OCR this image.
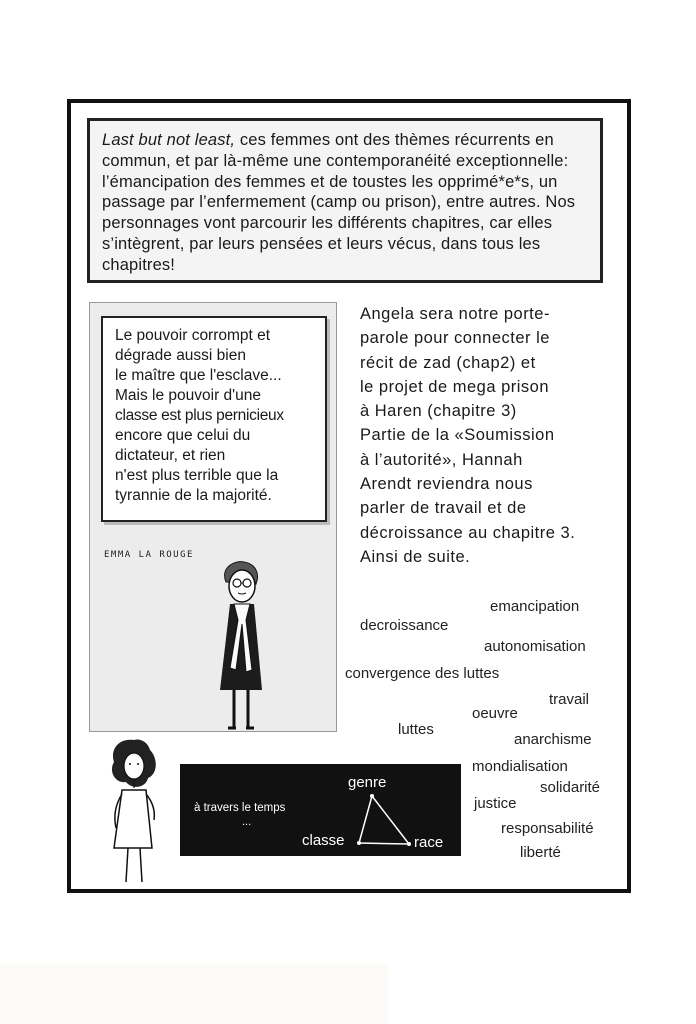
Last but not least, ces femmes ont des thèmes récurrents en commun, et par là-même une contemporanéité exceptionnelle: l’émancipation des femmes et de toustes les opprimé*e*s, un passage par l’enfermement (camp ou prison), entre autres. Nos personnages vont parcourir les différents chapitres, car elles s’intègrent, par leurs pensées et leurs vécus, dans tous les chapitres!
Le pouvoir corrompt et
dégrade aussi bien
le maître que l'esclave...
Mais le pouvoir d'une
classe est plus pernicieux
encore que celui du
dictateur, et rien
n'est plus terrible que la
tyrannie de la majorité.
EMMA LA ROUGE
Angela sera notre porte-
parole pour connecter le
récit de zad (chap2) et
le projet de mega prison
à Haren (chapitre 3)
Partie de la «Soumission
à l’autorité», Hannah
Arendt reviendra nous
parler de travail et de
décroissance au chapitre 3.
Ainsi de suite.
emancipation
decroissance
autonomisation
convergence des luttes
travail
oeuvre
luttes
anarchisme
mondialisation
solidarité
justice
responsabilité
liberté
à travers le temps
...
genre
classe	race
